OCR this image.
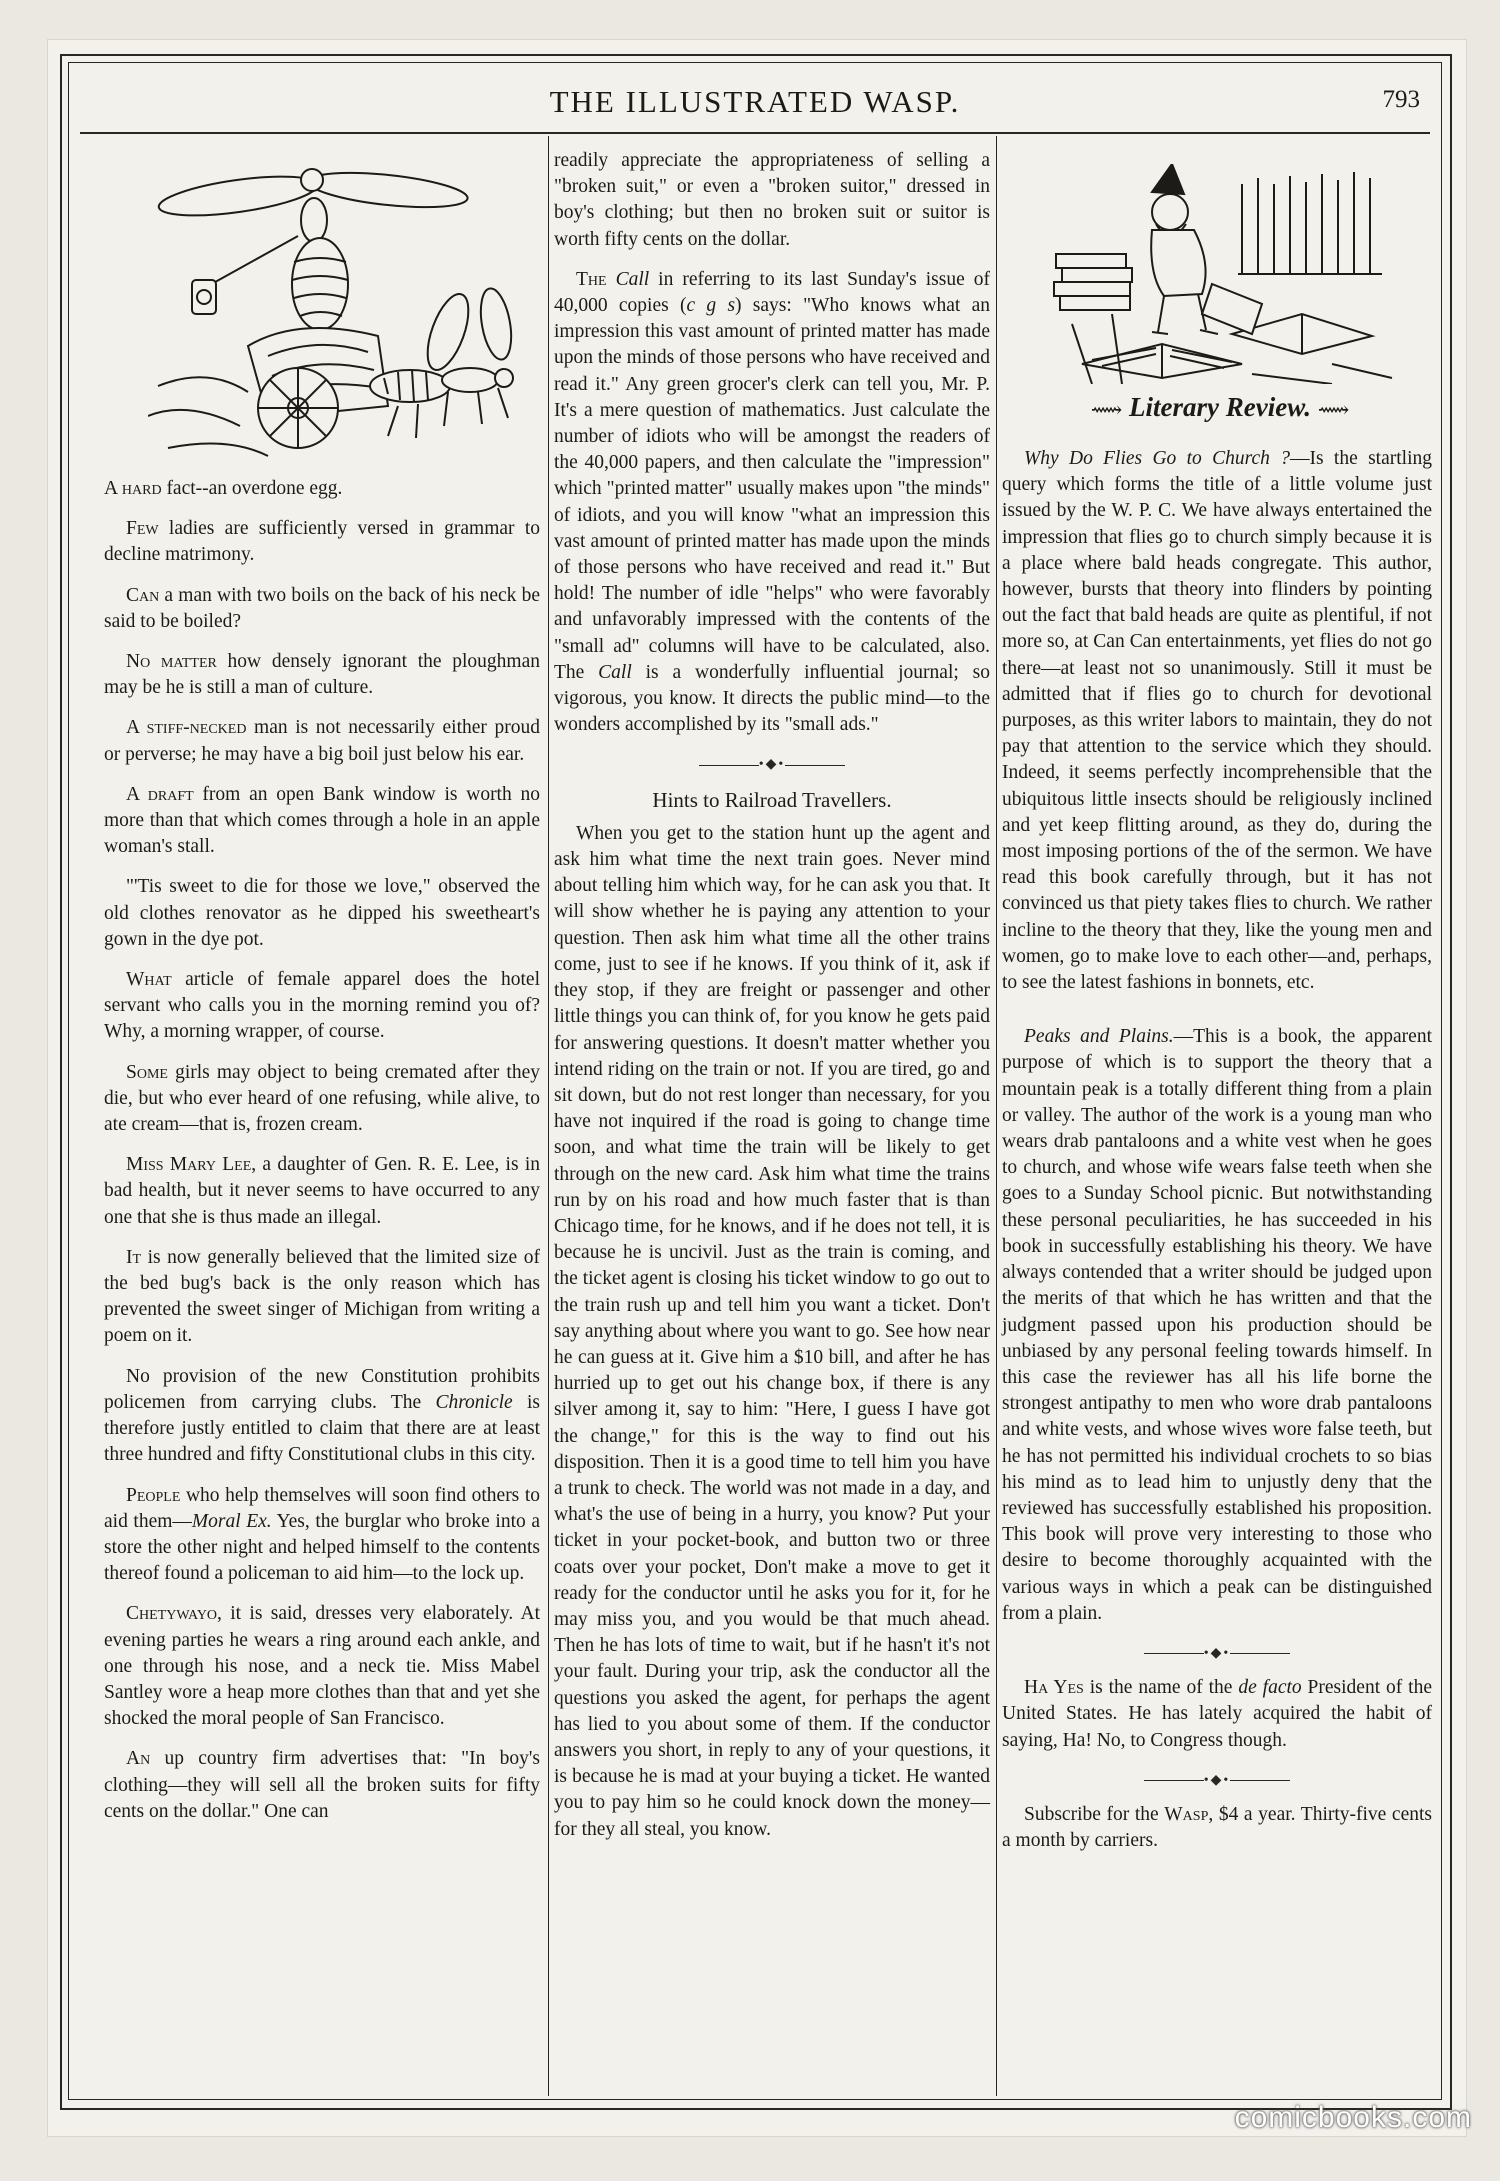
THE ILLUSTRATED WASP.	793

A hard fact--an overdone egg.

Few ladies are sufficiently versed in grammar to decline matrimony.

Can a man with two boils on the back of his neck be said to be boiled?

No matter how densely ignorant the ploughman may be he is still a man of culture.

A stiff-necked man is not necessarily either proud or perverse; he may have a big boil just below his ear.

A draft from an open Bank window is worth no more than that which comes through a hole in an apple woman's stall.

"'Tis sweet to die for those we love," observed the old clothes renovator as he dipped his sweetheart's gown in the dye pot.

What article of female apparel does the hotel servant who calls you in the morning remind you of? Why, a morning wrapper, of course.

Some girls may object to being cremated after they die, but who ever heard of one refusing, while alive, to ate cream—that is, frozen cream.

Miss Mary Lee, a daughter of Gen. R. E. Lee, is in bad health, but it never seems to have occurred to any one that she is thus made an illegal.

It is now generally believed that the limited size of the bed bug's back is the only reason which has prevented the sweet singer of Michigan from writing a poem on it.

No provision of the new Constitution prohibits policemen from carrying clubs. The Chronicle is therefore justly entitled to claim that there are at least three hundred and fifty Constitutional clubs in this city.

People who help themselves will soon find others to aid them—Moral Ex. Yes, the burglar who broke into a store the other night and helped himself to the contents thereof found a policeman to aid him—to the lock up.

Chetywayo, it is said, dresses very elaborately. At evening parties he wears a ring around each ankle, and one through his nose, and a neck tie. Miss Mabel Santley wore a heap more clothes than that and yet she shocked the moral people of San Francisco.

An up country firm advertises that: "In boy's clothing—they will sell all the broken suits for fifty cents on the dollar." One can

readily appreciate the appropriateness of selling a "broken suit," or even a "broken suitor," dressed in boy's clothing; but then no broken suit or suitor is worth fifty cents on the dollar.

The Call in referring to its last Sunday's issue of 40,000 copies (c g s) says: "Who knows what an impression this vast amount of printed matter has made upon the minds of those persons who have received and read it." Any green grocer's clerk can tell you, Mr. P. It's a mere question of mathematics. Just calculate the number of idiots who will be amongst the readers of the 40,000 papers, and then calculate the "impression" which "printed matter" usually makes upon "the minds" of idiots, and you will know "what an impression this vast amount of printed matter has made upon the minds of those persons who have received and read it." But hold! The number of idle "helps" who were favorably and unfavorably impressed with the contents of the "small ad" columns will have to be calculated, also. The Call is a wonderfully influential journal; so vigorous, you know. It directs the public mind—to the wonders accomplished by its "small ads."

•◆•
Hints to Railroad Travellers.

When you get to the station hunt up the agent and ask him what time the next train goes. Never mind about telling him which way, for he can ask you that. It will show whether he is paying any attention to your question. Then ask him what time all the other trains come, just to see if he knows. If you think of it, ask if they stop, if they are freight or passenger and other little things you can think of, for you know he gets paid for answering questions. It doesn't matter whether you intend riding on the train or not. If you are tired, go and sit down, but do not rest longer than necessary, for you have not inquired if the road is going to change time soon, and what time the train will be likely to get through on the new card. Ask him what time the trains run by on his road and how much faster that is than Chicago time, for he knows, and if he does not tell, it is because he is uncivil. Just as the train is coming, and the ticket agent is closing his ticket window to go out to the train rush up and tell him you want a ticket. Don't say anything about where you want to go. See how near he can guess at it. Give him a $10 bill, and after he has hurried up to get out his change box, if there is any silver among it, say to him: "Here, I guess I have got the change," for this is the way to find out his disposition. Then it is a good time to tell him you have a trunk to check. The world was not made in a day, and what's the use of being in a hurry, you know? Put your ticket in your pocket-book, and button two or three coats over your pocket, Don't make a move to get it ready for the conductor until he asks you for it, for he may miss you, and you would be that much ahead. Then he has lots of time to wait, but if he hasn't it's not your fault. During your trip, ask the conductor all the questions you asked the agent, for perhaps the agent has lied to you about some of them. If the conductor answers you short, in reply to any of your questions, it is because he is mad at your buying a ticket. He wanted you to pay him so he could knock down the money—for they all steal, you know.

⟿ Literary Review. ⟿

Why Do Flies Go to Church ?—Is the startling query which forms the title of a little volume just issued by the W. P. C. We have always entertained the impression that flies go to church simply because it is a place where bald heads congregate. This author, however, bursts that theory into flinders by pointing out the fact that bald heads are quite as plentiful, if not more so, at Can Can entertainments, yet flies do not go there—at least not so unanimously. Still it must be admitted that if flies go to church for devotional purposes, as this writer labors to maintain, they do not pay that attention to the service which they should. Indeed, it seems perfectly incomprehensible that the ubiquitous little insects should be religiously inclined and yet keep flitting around, as they do, during the most imposing portions of the of the sermon. We have read this book carefully through, but it has not convinced us that piety takes flies to church. We rather incline to the theory that they, like the young men and women, go to make love to each other—and, perhaps, to see the latest fashions in bonnets, etc.

Peaks and Plains.—This is a book, the apparent purpose of which is to support the theory that a mountain peak is a totally different thing from a plain or valley. The author of the work is a young man who wears drab pantaloons and a white vest when he goes to church, and whose wife wears false teeth when she goes to a Sunday School picnic. But notwithstanding these personal peculiarities, he has succeeded in his book in successfully establishing his theory. We have always contended that a writer should be judged upon the merits of that which he has written and that the judgment passed upon his production should be unbiased by any personal feeling towards himself. In this case the reviewer has all his life borne the strongest antipathy to men who wore drab pantaloons and white vests, and whose wives wore false teeth, but he has not permitted his individual crochets to so bias his mind as to lead him to unjustly deny that the reviewed has successfully established his proposition. This book will prove very interesting to those who desire to become thoroughly acquainted with the various ways in which a peak can be distinguished from a plain.

•◆•

Ha Yes is the name of the de facto President of the United States. He has lately acquired the habit of saying, Ha! No, to Congress though.

•◆•

Subscribe for the Wasp, $4 a year. Thirty-five cents a month by carriers.

comicbooks.com
